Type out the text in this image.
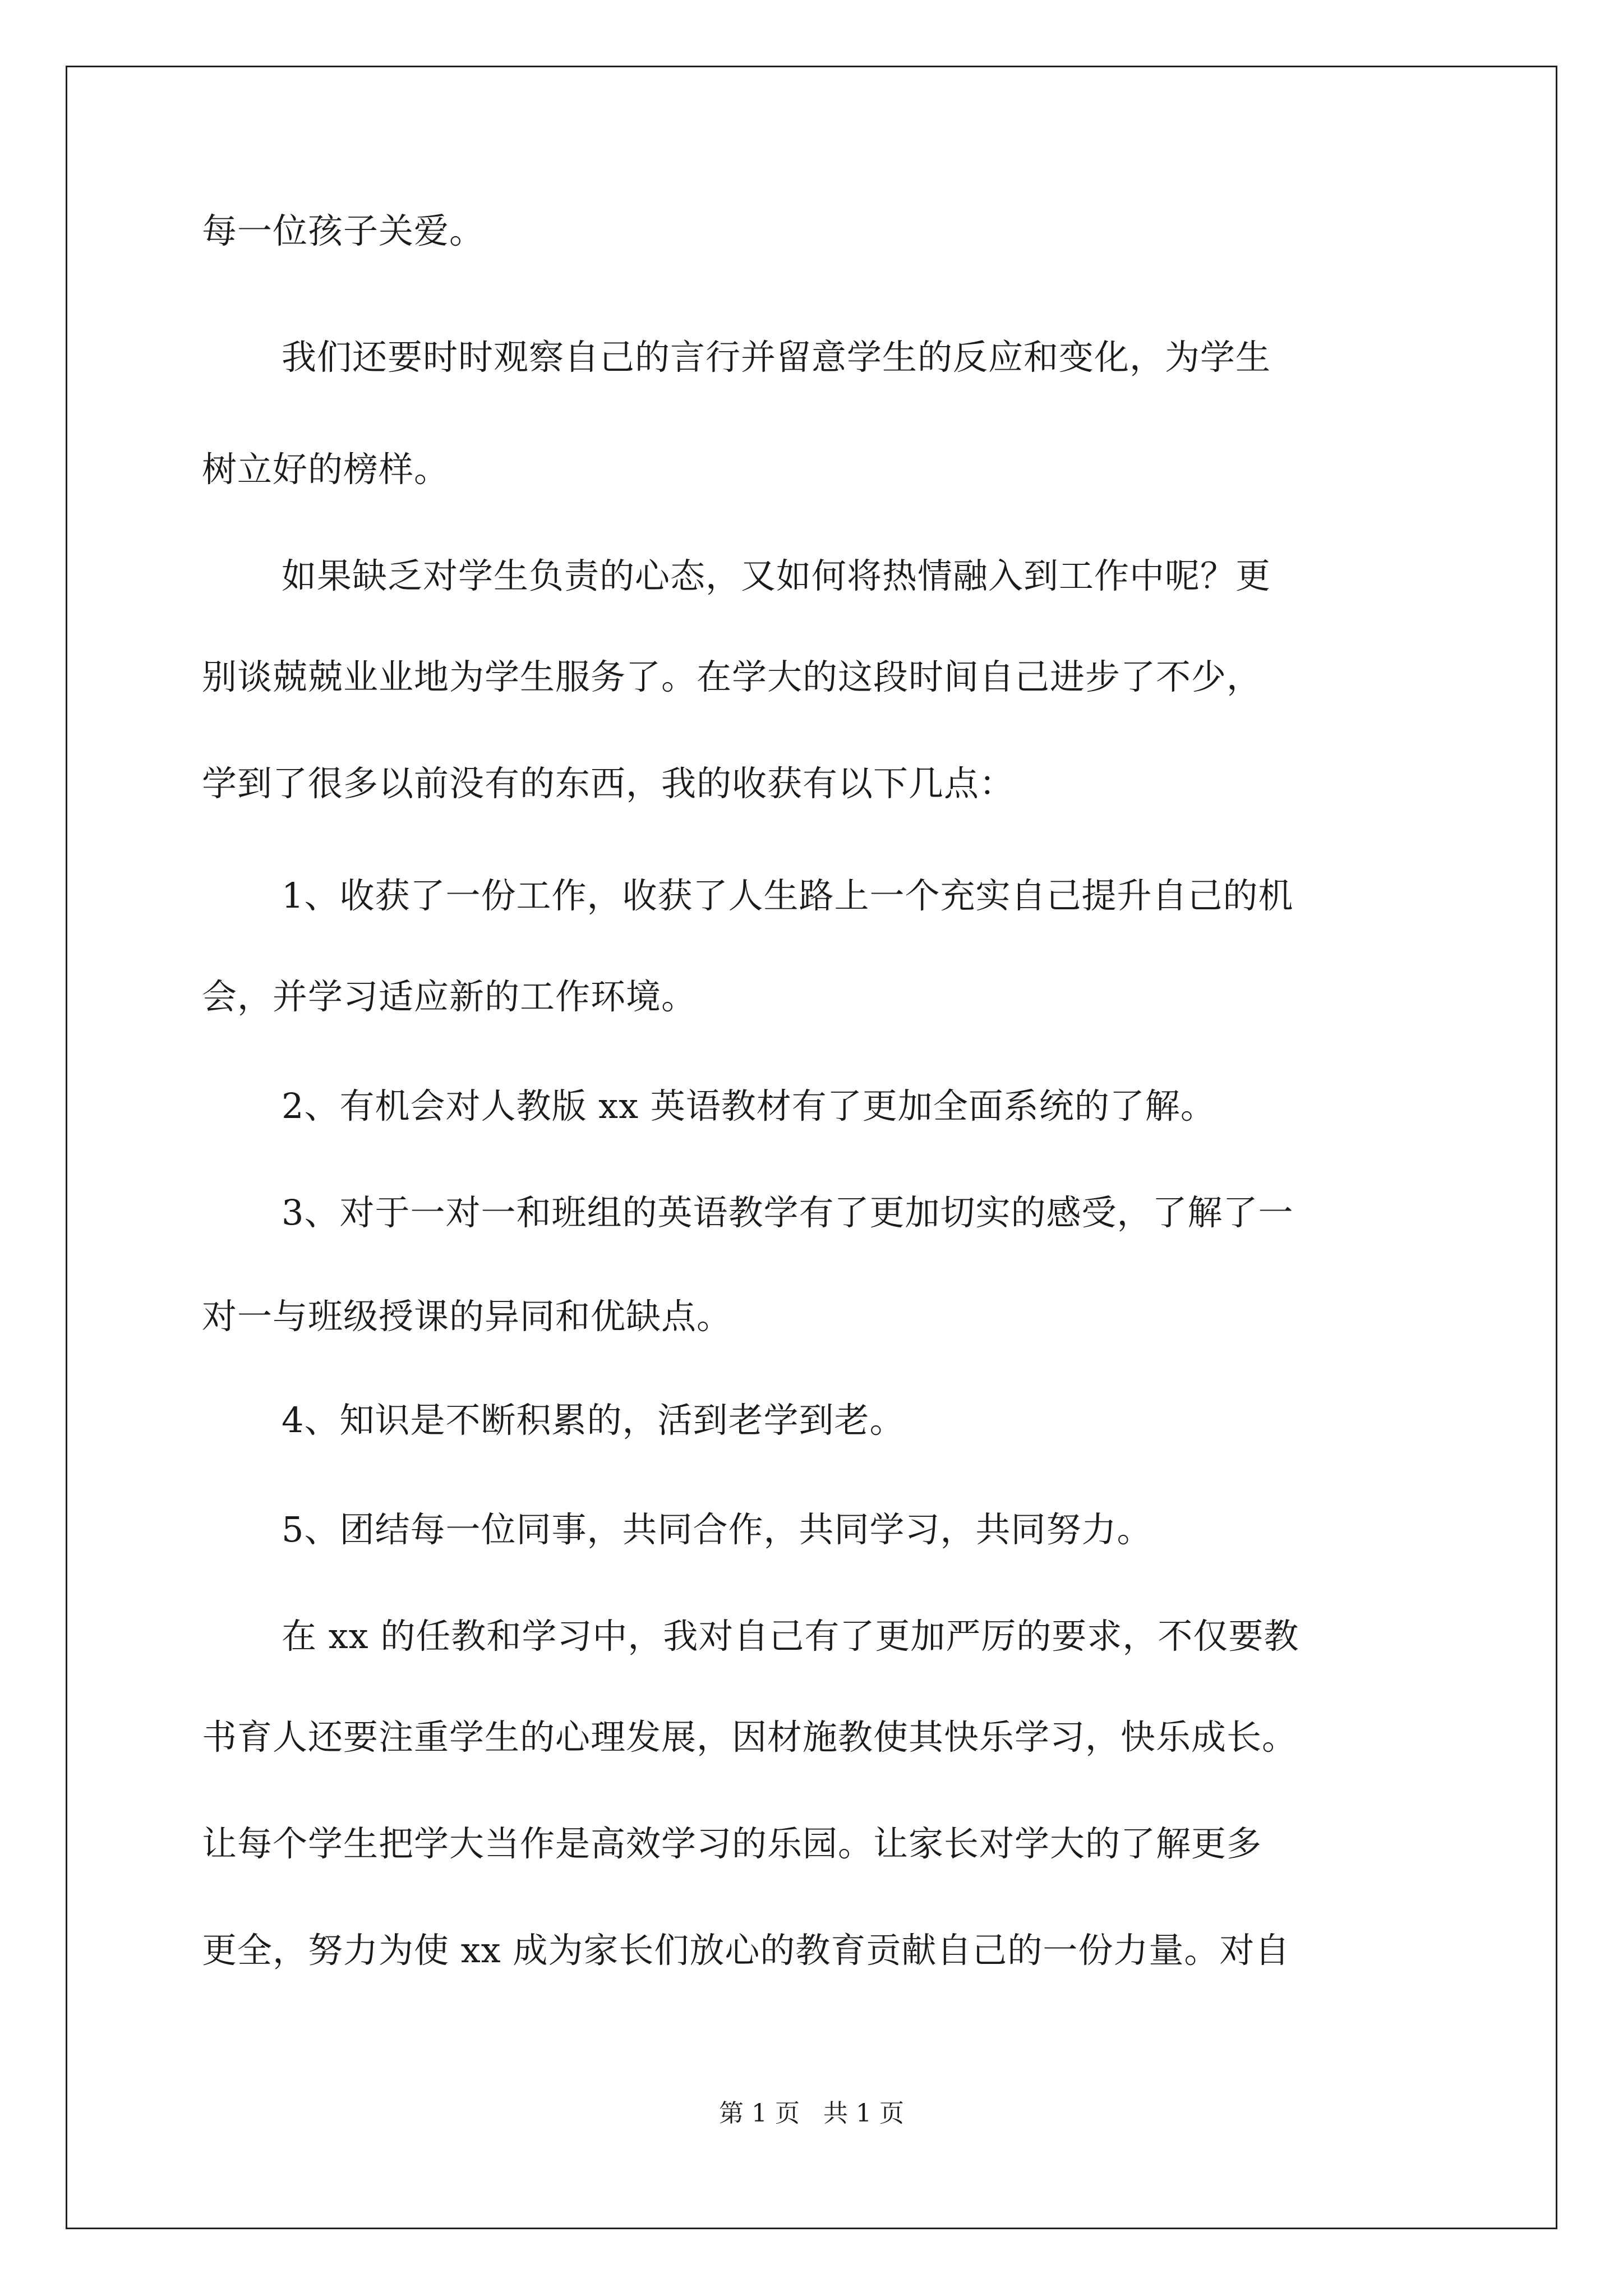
每一位孩子关爱。
我们还要时时观察自己的言行并留意学生的反应和变化，为学生
树立好的榜样。
如果缺乏对学生负责的心态，又如何将热情融入到工作中呢？更
别谈兢兢业业地为学生服务了。在学大的这段时间自己进步了不少，
学到了很多以前没有的东西，我的收获有以下几点：
1、收获了一份工作，收获了人生路上一个充实自己提升自己的机
会，并学习适应新的工作环境。
2、有机会对人教版 xx 英语教材有了更加全面系统的了解。
3、对于一对一和班组的英语教学有了更加切实的感受，了解了一
对一与班级授课的异同和优缺点。
4、知识是不断积累的，活到老学到老。
5、团结每一位同事，共同合作，共同学习，共同努力。
在 xx 的任教和学习中，我对自己有了更加严厉的要求，不仅要教
书育人还要注重学生的心理发展，因材施教使其快乐学习，快乐成长。
让每个学生把学大当作是高效学习的乐园。让家长对学大的了解更多
更全，努力为使 xx 成为家长们放心的教育贡献自己的一份力量。对自
第 1 页   共 1 页
